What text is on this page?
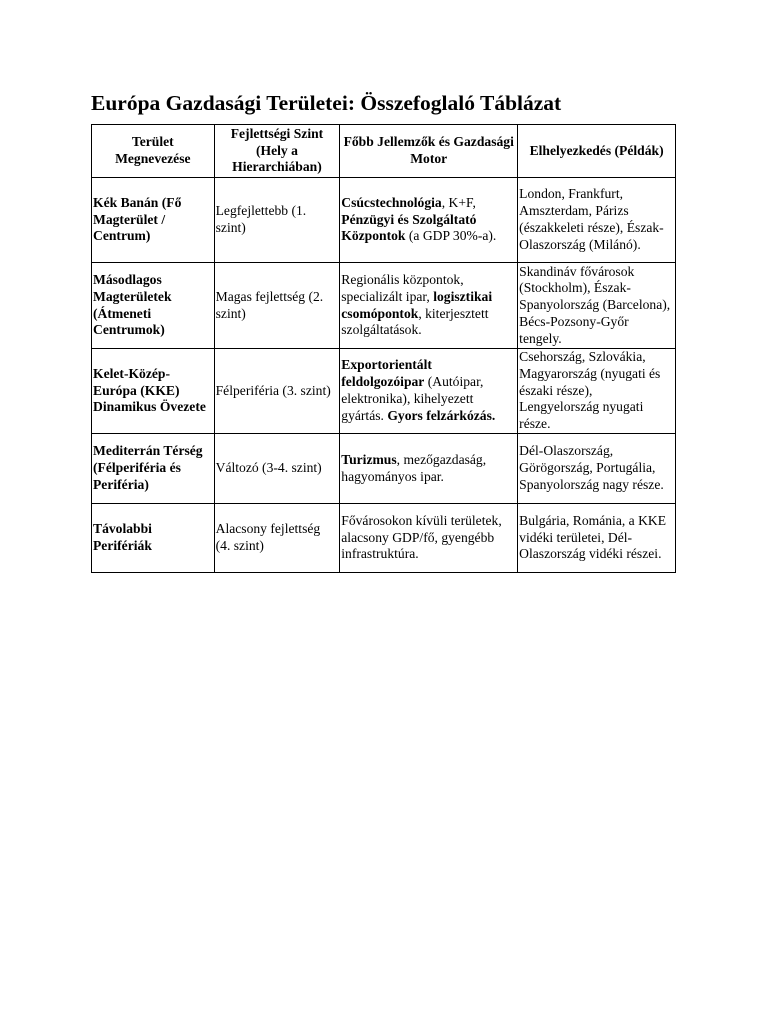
Európa Gazdasági Területei: Összefoglaló Táblázat
Terület Megnevezése	Fejlettségi Szint (Hely a Hierarchiában)	Főbb Jellemzők és Gazdasági Motor	Elhelyezkedés (Példák)
Kék Banán (Fő Magterület / Centrum)	Legfejlettebb (1. szint)	Csúcstechnológia, K+F, Pénzügyi és Szolgáltató Központok (a GDP 30%-a).	London, Frankfurt, Amszterdam, Párizs (északkeleti része), Észak-Olaszország (Milánó).
Másodlagos Magterületek (Átmeneti Centrumok)	Magas fejlettség (2. szint)	Regionális központok, specializált ipar, logisztikai csomópontok, kiterjesztett szolgáltatások.	Skandináv fővárosok (Stockholm), Észak-Spanyolország (Barcelona), Bécs-Pozsony-Győr tengely.
Kelet-Közép-Európa (KKE) Dinamikus Övezete	Félperiféria (3. szint)	Exportorientált feldolgozóipar (Autóipar, elektronika), kihelyezett gyártás. Gyors felzárkózás.	Csehország, Szlovákia, Magyarország (nyugati és északi része), Lengyelország nyugati része.
Mediterrán Térség (Félperiféria és Periféria)	Változó (3-4. szint)	Turizmus, mezőgazdaság, hagyományos ipar.	Dél-Olaszország, Görögország, Portugália, Spanyolország nagy része.
Távolabbi Perifériák	Alacsony fejlettség (4. szint)	Fővárosokon kívüli területek, alacsony GDP/fő, gyengébb infrastruktúra.	Bulgária, Románia, a KKE vidéki területei, Dél-Olaszország vidéki részei.
